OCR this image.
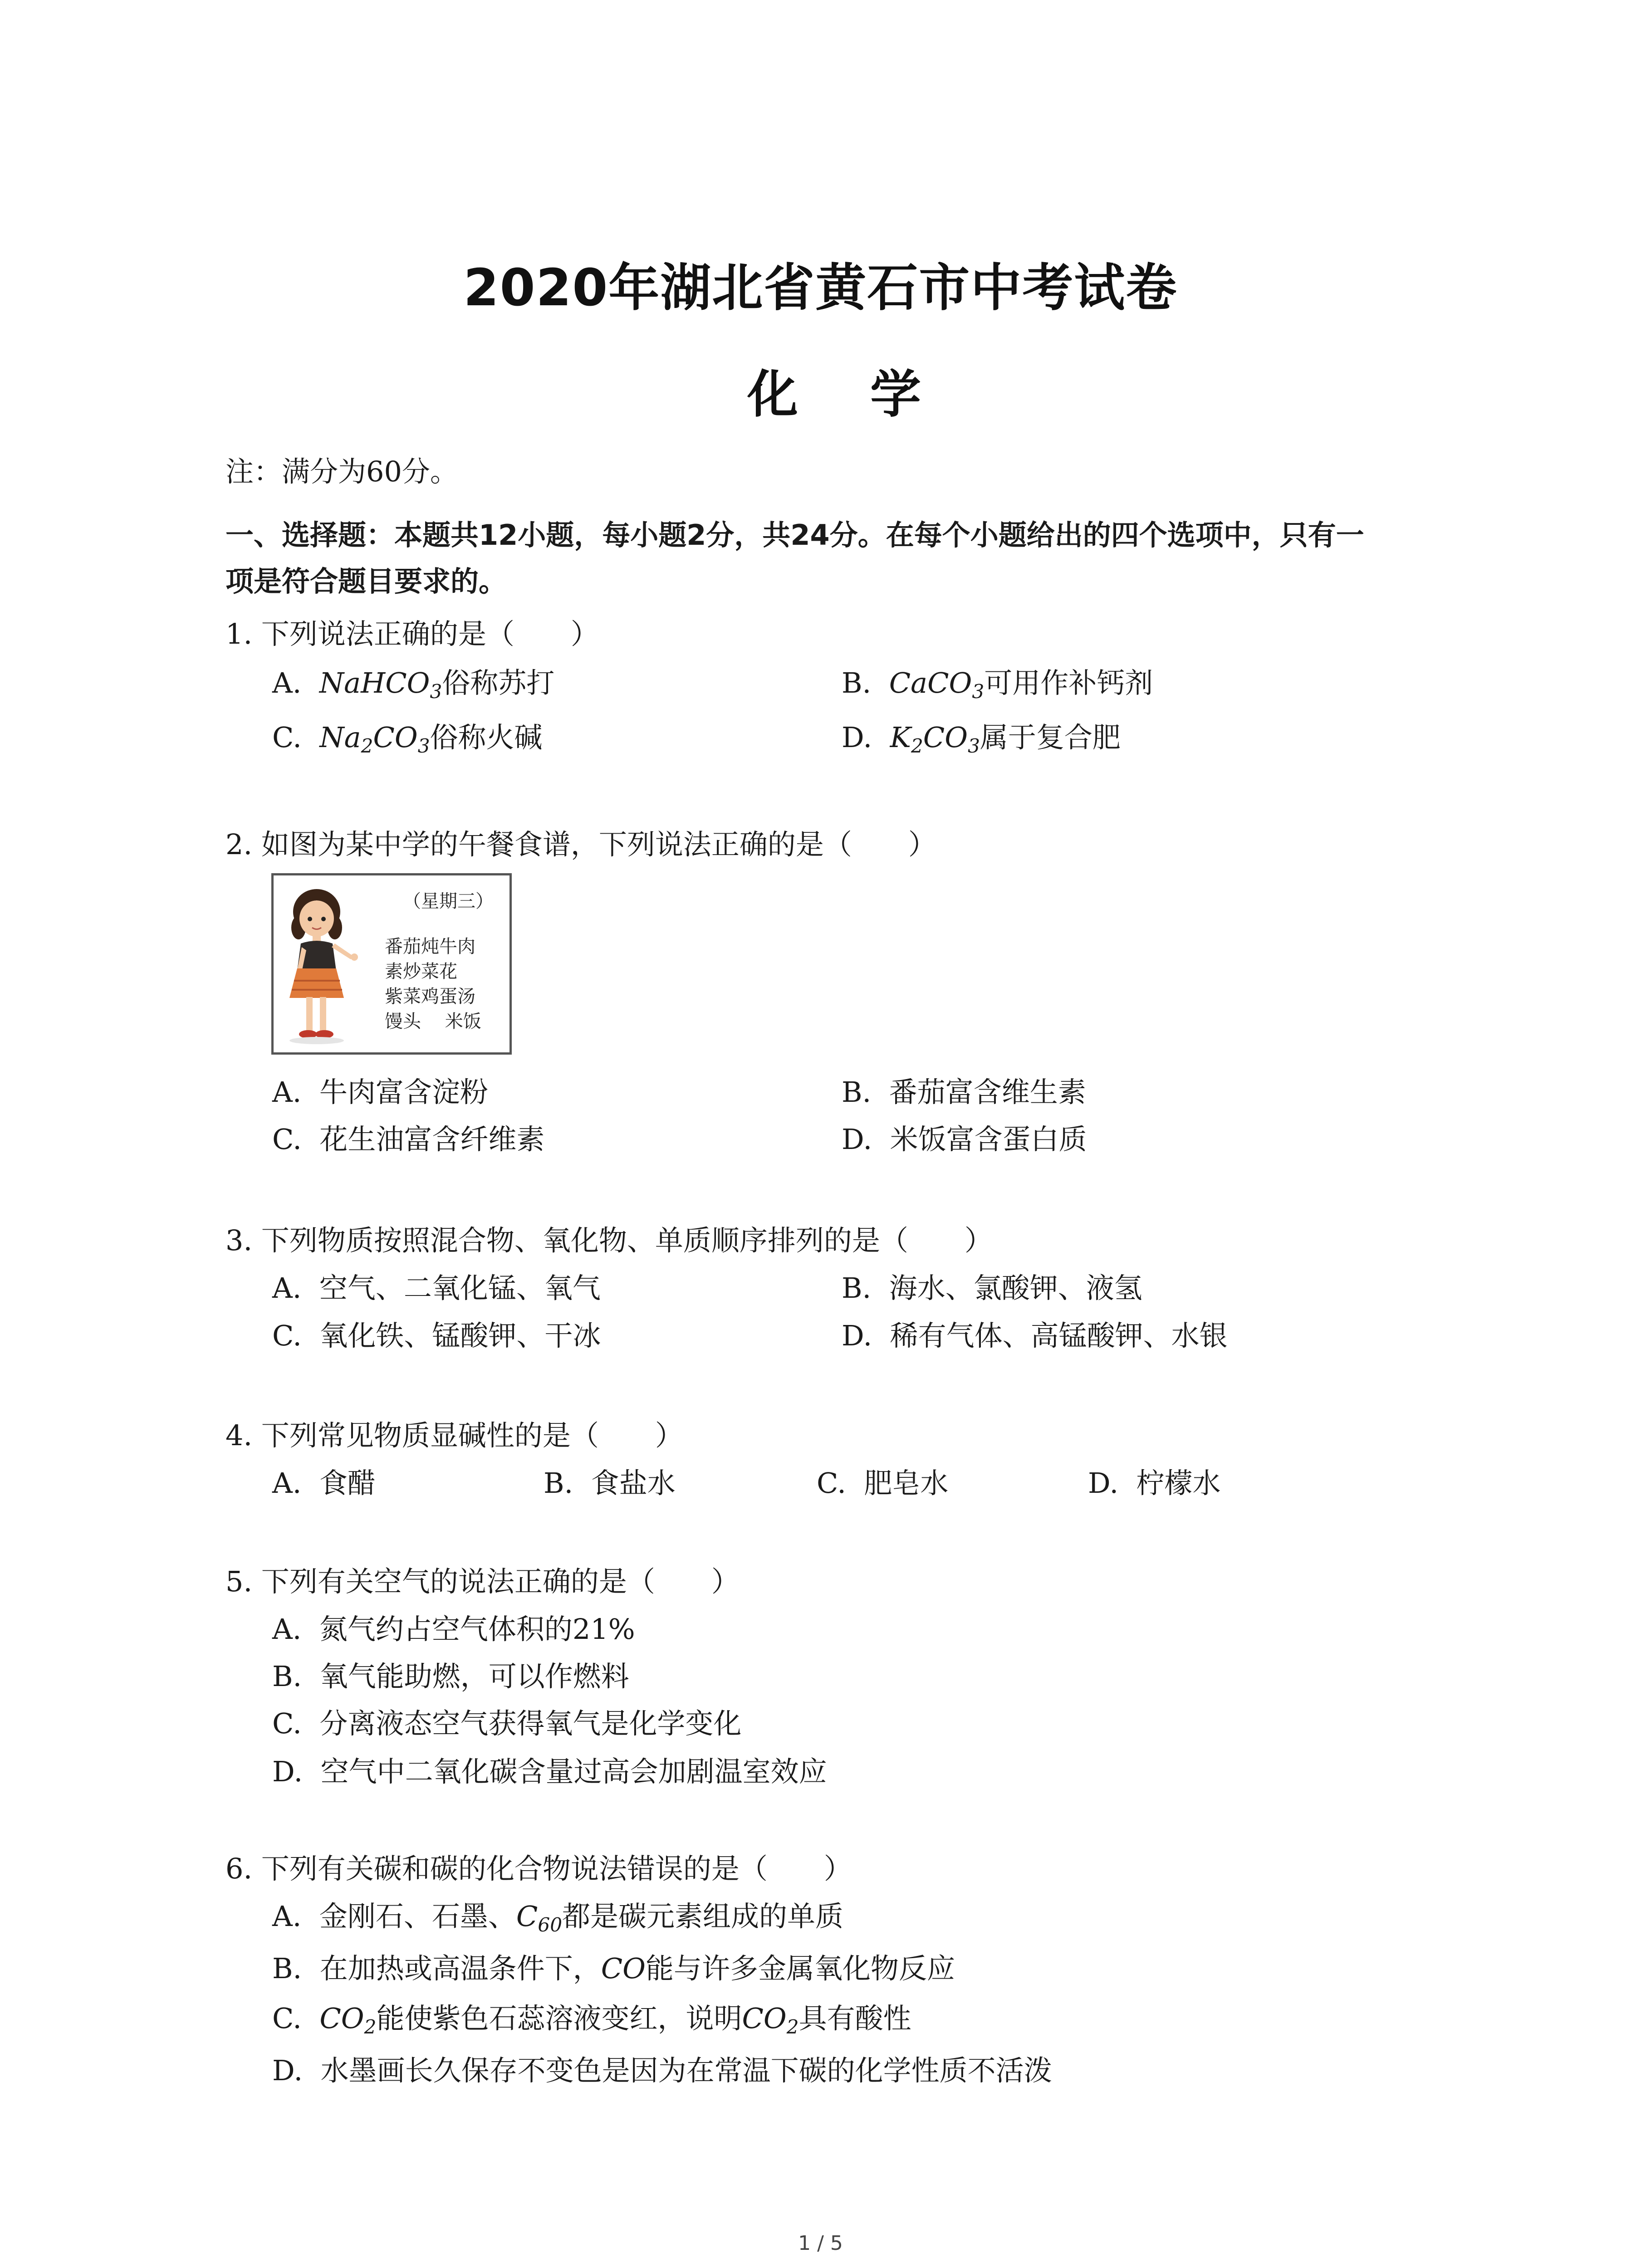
2020年湖北省黄石市中考试卷
化 学
注：满分为60分。
一、选择题：本题共12小题，每小题2分，共24分。在每个小题给出的四个选项中，只有一
项是符合题目要求的。
1. 下列说法正确的是（　　）
A. NaHCO$_3$俗称苏打	B. CaCO$_3$可用作补钙剂
C. $Na_2CO_3$俗称火碱	D. $K_2CO_3$属于复合肥
2. 如图为某中学的午餐食谱，下列说法正确的是（　　）
（星期三）
番茄炖牛肉
素炒菜花
紫菜鸡蛋汤
馒头　 米饭
A. 牛肉富含淀粉	B. 番茄富含维生素
C. 花生油富含纤维素	D. 米饭富含蛋白质
3. 下列物质按照混合物、氧化物、单质顺序排列的是（　　）
A. 空气、二氧化锰、氧气	B. 海水、氯酸钾、液氢
C. 氧化铁、锰酸钾、干冰	D. 稀有气体、高锰酸钾、水银
4. 下列常见物质显碱性的是（　　）
A. 食醋	B. 食盐水	C. 肥皂水	D. 柠檬水
5. 下列有关空气的说法正确的是（　　）
A. 氮气约占空气体积的21%
B. 氧气能助燃，可以作燃料
C. 分离液态空气获得氧气是化学变化
D. 空气中二氧化碳含量过高会加剧温室效应
6. 下列有关碳和碳的化合物说法错误的是（　　）
A. 金刚石、石墨、$C_{60}$都是碳元素组成的单质
B. 在加热或高温条件下，CO能与许多金属氧化物反应
C. $CO_2$能使紫色石蕊溶液变红，说明$CO_2$具有酸性
D. 水墨画长久保存不变色是因为在常温下碳的化学性质不活泼
1 / 5
